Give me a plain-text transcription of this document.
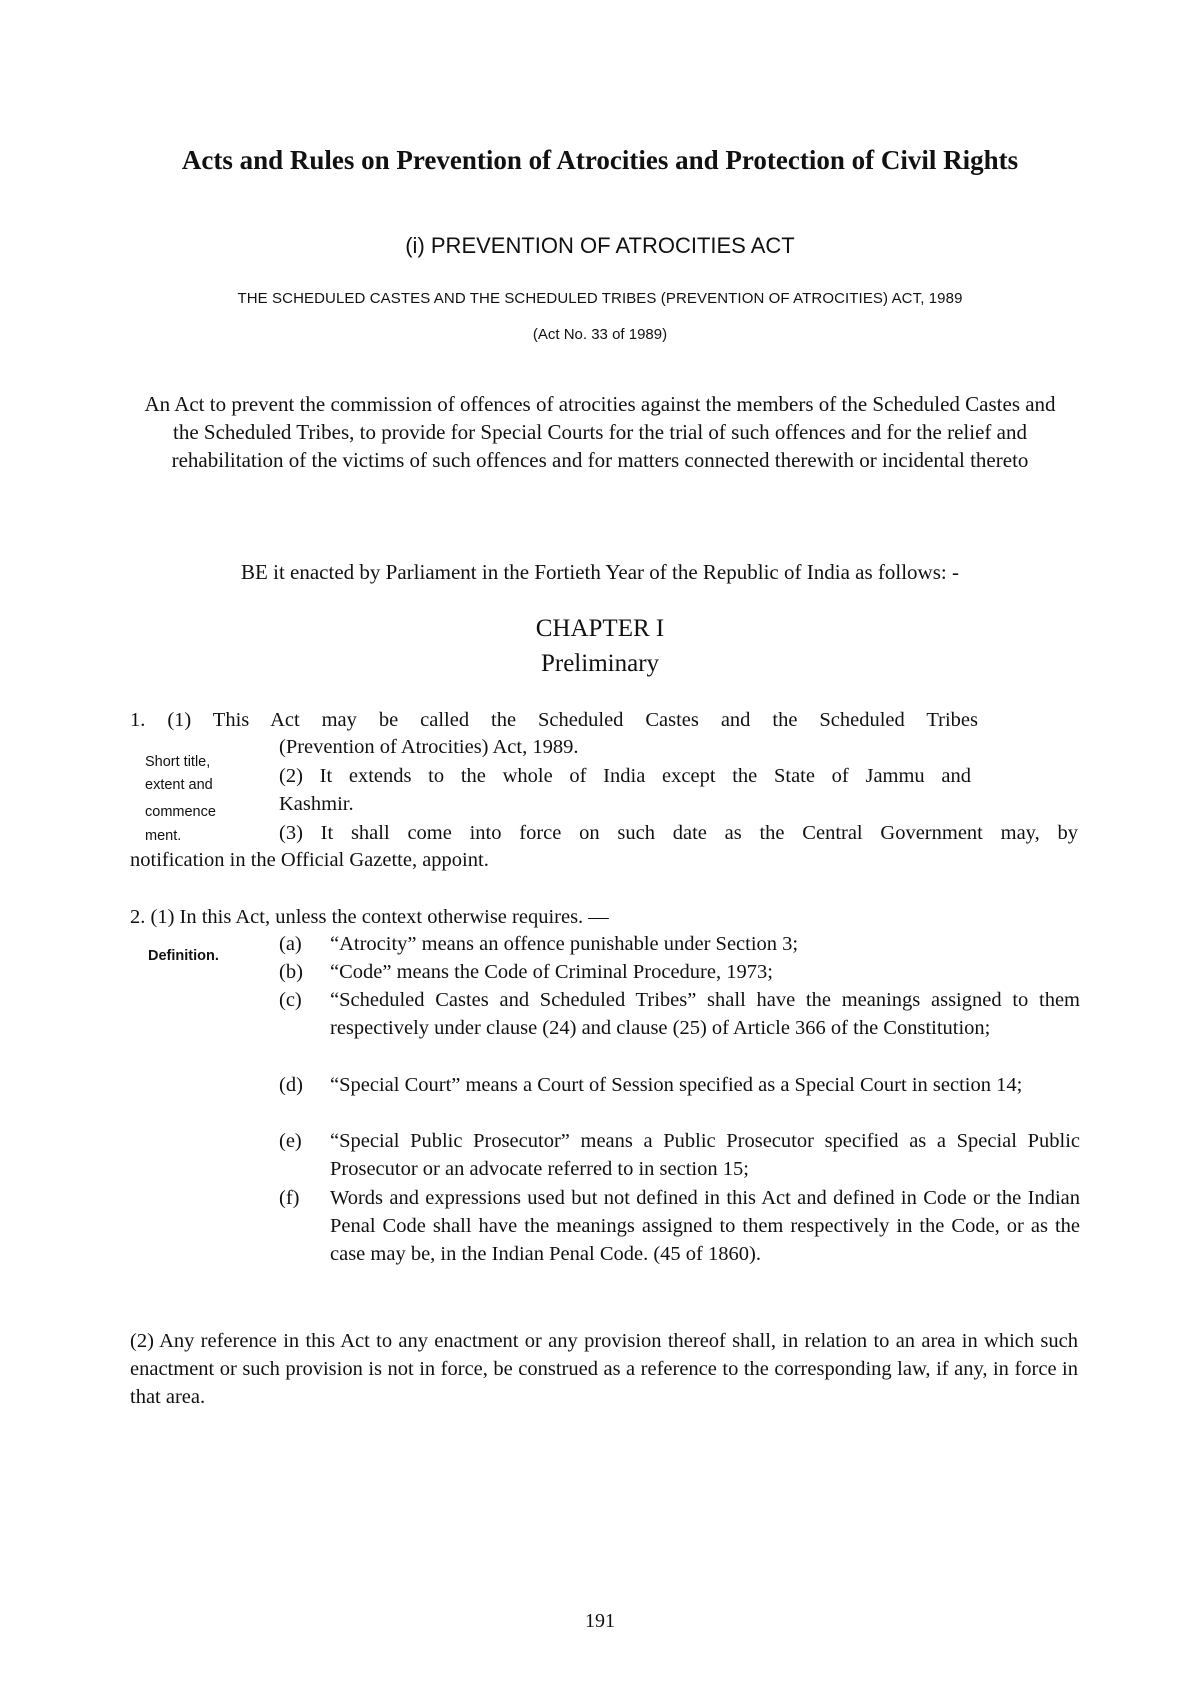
Acts and Rules on Prevention of Atrocities and Protection of Civil Rights
(i) PREVENTION OF ATROCITIES ACT
THE SCHEDULED CASTES AND THE SCHEDULED TRIBES (PREVENTION OF ATROCITIES) ACT, 1989
(Act No. 33 of 1989)
An Act to prevent the commission of offences of atrocities against the members of the Scheduled Castes and the Scheduled Tribes, to provide for Special Courts for the trial of such offences and for the relief and rehabilitation of the victims of such offences and for matters connected therewith or incidental thereto
BE it enacted by Parliament in the Fortieth Year of the Republic of India as follows: -
CHAPTER I
Preliminary
1. (1) This Act may be called the Scheduled Castes and the Scheduled Tribes
(Prevention of Atrocities) Act, 1989.
(2) It extends to the whole of India except the State of Jammu and
Kashmir.
(3) It shall come into force on such date as the Central Government may, by
notification in the Official Gazette, appoint.
Short title,
extent and
commence
ment.
2. (1) In this Act, unless the context otherwise requires. —
Definition.
(a)	“Atrocity” means an offence punishable under Section 3;
(b)	“Code” means the Code of Criminal Procedure, 1973;
(c)	“Scheduled Castes and Scheduled Tribes” shall have the meanings assigned to them respectively under clause (24) and clause (25) of Article 366 of the Constitution;
(d)	“Special Court” means a Court of Session specified as a Special Court in section 14;
(e)	“Special Public Prosecutor” means a Public Prosecutor specified as a Special Public Prosecutor or an advocate referred to in section 15;
(f)	Words and expressions used but not defined in this Act and defined in Code or the Indian Penal Code shall have the meanings assigned to them respectively in the Code, or as the case may be, in the Indian Penal Code. (45 of 1860).
(2) Any reference in this Act to any enactment or any provision thereof shall, in relation to an area in which such enactment or such provision is not in force, be construed as a reference to the corresponding law, if any, in force in that area.
191
